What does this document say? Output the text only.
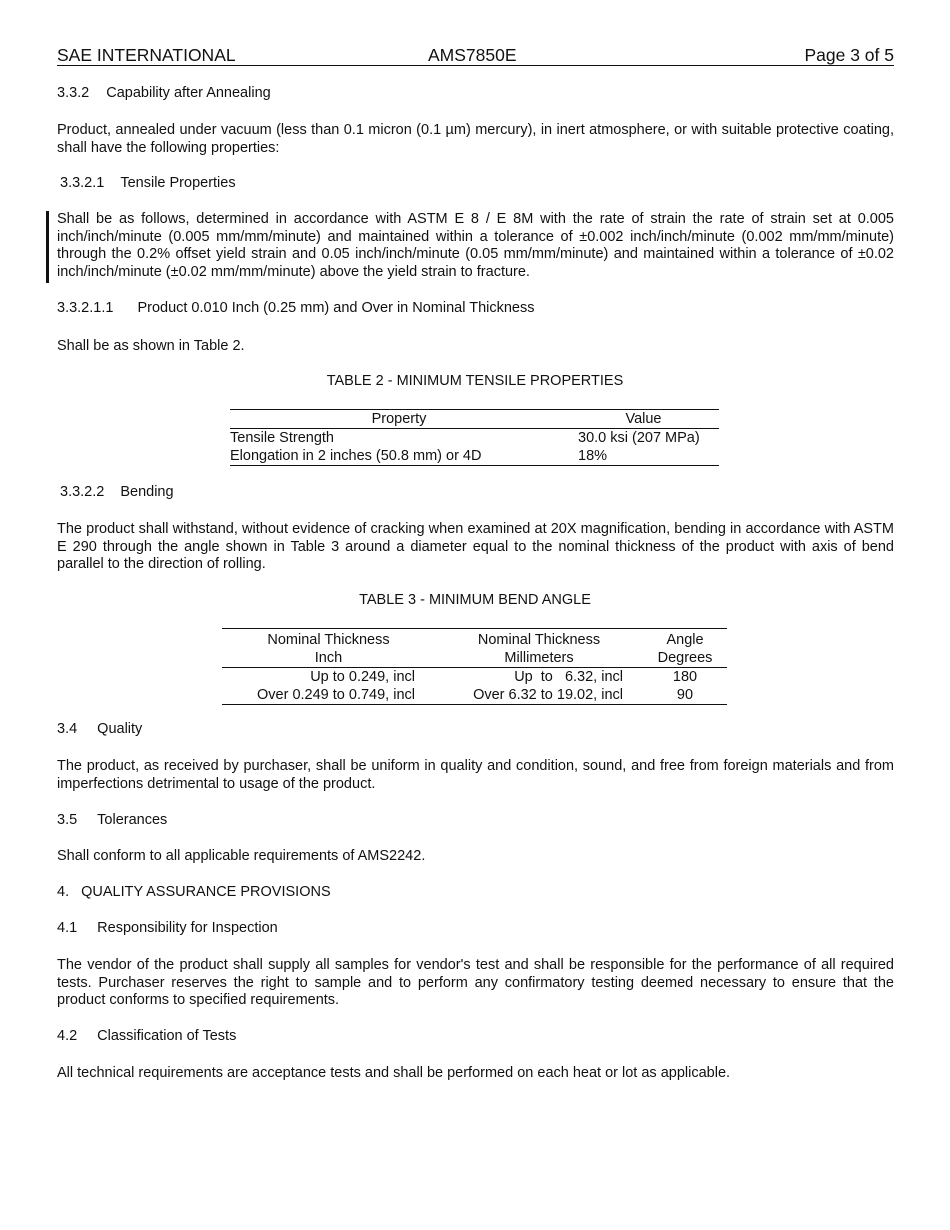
SAE INTERNATIONAL	AMS7850E	Page 3 of 5
3.3.2 Capability after Annealing
Product, annealed under vacuum (less than 0.1 micron (0.1 µm) mercury), in inert atmosphere, or with suitable protective coating, shall have the following properties:
3.3.2.1 Tensile Properties
Shall be as follows, determined in accordance with ASTM E 8 / E 8M with the rate of strain the rate of strain set at 0.005 inch/inch/minute (0.005 mm/mm/minute) and maintained within a tolerance of ±0.002 inch/inch/minute (0.002 mm/mm/minute) through the 0.2% offset yield strain and 0.05 inch/inch/minute (0.05 mm/mm/minute) and maintained within a tolerance of ±0.02 inch/inch/minute (±0.02 mm/mm/minute) above the yield strain to fracture.
3.3.2.1.1 Product 0.010 Inch (0.25 mm) and Over in Nominal Thickness
Shall be as shown in Table 2.
TABLE 2 - MINIMUM TENSILE PROPERTIES
Property	Value
Tensile Strength	30.0 ksi (207 MPa)
Elongation in 2 inches (50.8 mm) or 4D	18%
3.3.2.2 Bending
The product shall withstand, without evidence of cracking when examined at 20X magnification, bending in accordance with ASTM E 290 through the angle shown in Table 3 around a diameter equal to the nominal thickness of the product with axis of bend parallel to the direction of rolling.
TABLE 3 - MINIMUM BEND ANGLE
Nominal Thickness	Nominal Thickness	Angle
Inch	Millimeters	Degrees
Up to 0.249, incl	Up  to   6.32, incl	180
Over 0.249 to 0.749, incl	Over 6.32 to 19.02, incl	90
3.4 Quality
The product, as received by purchaser, shall be uniform in quality and condition, sound, and free from foreign materials and from imperfections detrimental to usage of the product.
3.5 Tolerances
Shall conform to all applicable requirements of AMS2242.
4. QUALITY ASSURANCE PROVISIONS
4.1 Responsibility for Inspection
The vendor of the product shall supply all samples for vendor's test and shall be responsible for the performance of all required tests. Purchaser reserves the right to sample and to perform any confirmatory testing deemed necessary to ensure that the product conforms to specified requirements.
4.2 Classification of Tests
All technical requirements are acceptance tests and shall be performed on each heat or lot as applicable.
